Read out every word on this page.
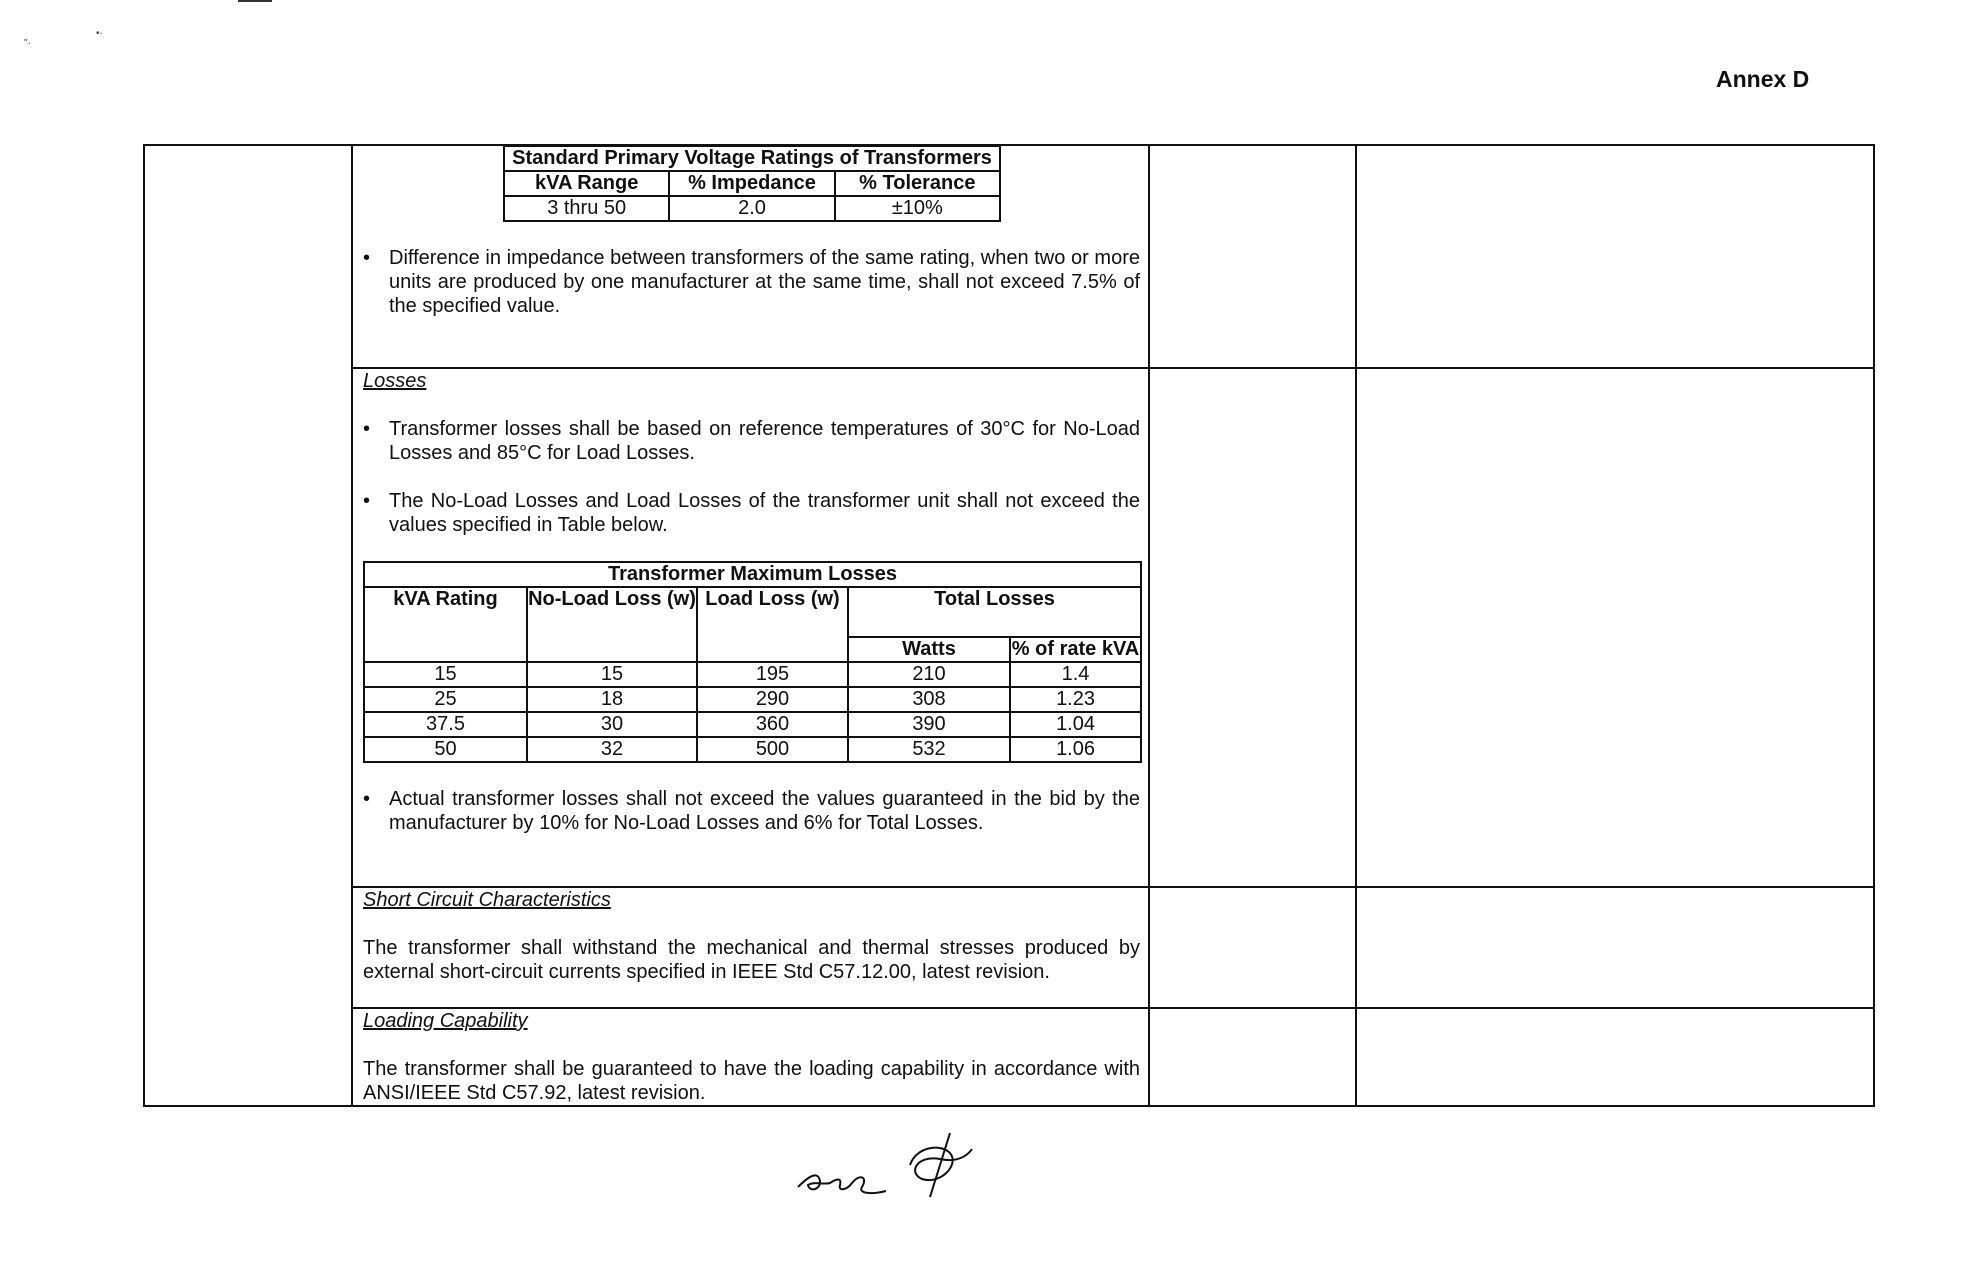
"·
•·
Annex D

Standard Primary Voltage Ratings of Transformers
kVA Range	% Impedance	% Tolerance
3 thru 50	2.0	±10%
• Difference in impedance between transformers of the same rating, when two or more units are produced by one manufacturer at the same time, shall not exceed 7.5% of the specified value.

Losses
• Transformer losses shall be based on reference temperatures of 30°C for No-Load Losses and 85°C for Load Losses.
• The No-Load Losses and Load Losses of the transformer unit shall not exceed the values specified in Table below.
Transformer Maximum Losses
kVA Rating	No-Load Loss (w)	Load Loss (w)	Total Losses
Watts	% of rate kVA
15	15	195	210	1.4
25	18	290	308	1.23
37.5	30	360	390	1.04
50	32	500	532	1.06
• Actual transformer losses shall not exceed the values guaranteed in the bid by the manufacturer by 10% for No-Load Losses and 6% for Total Losses.

Short Circuit Characteristics
The transformer shall withstand the mechanical and thermal stresses produced by external short-circuit currents specified in IEEE Std C57.12.00, latest revision.

Loading Capability
The transformer shall be guaranteed to have the loading capability in accordance with ANSI/IEEE Std C57.92, latest revision.
